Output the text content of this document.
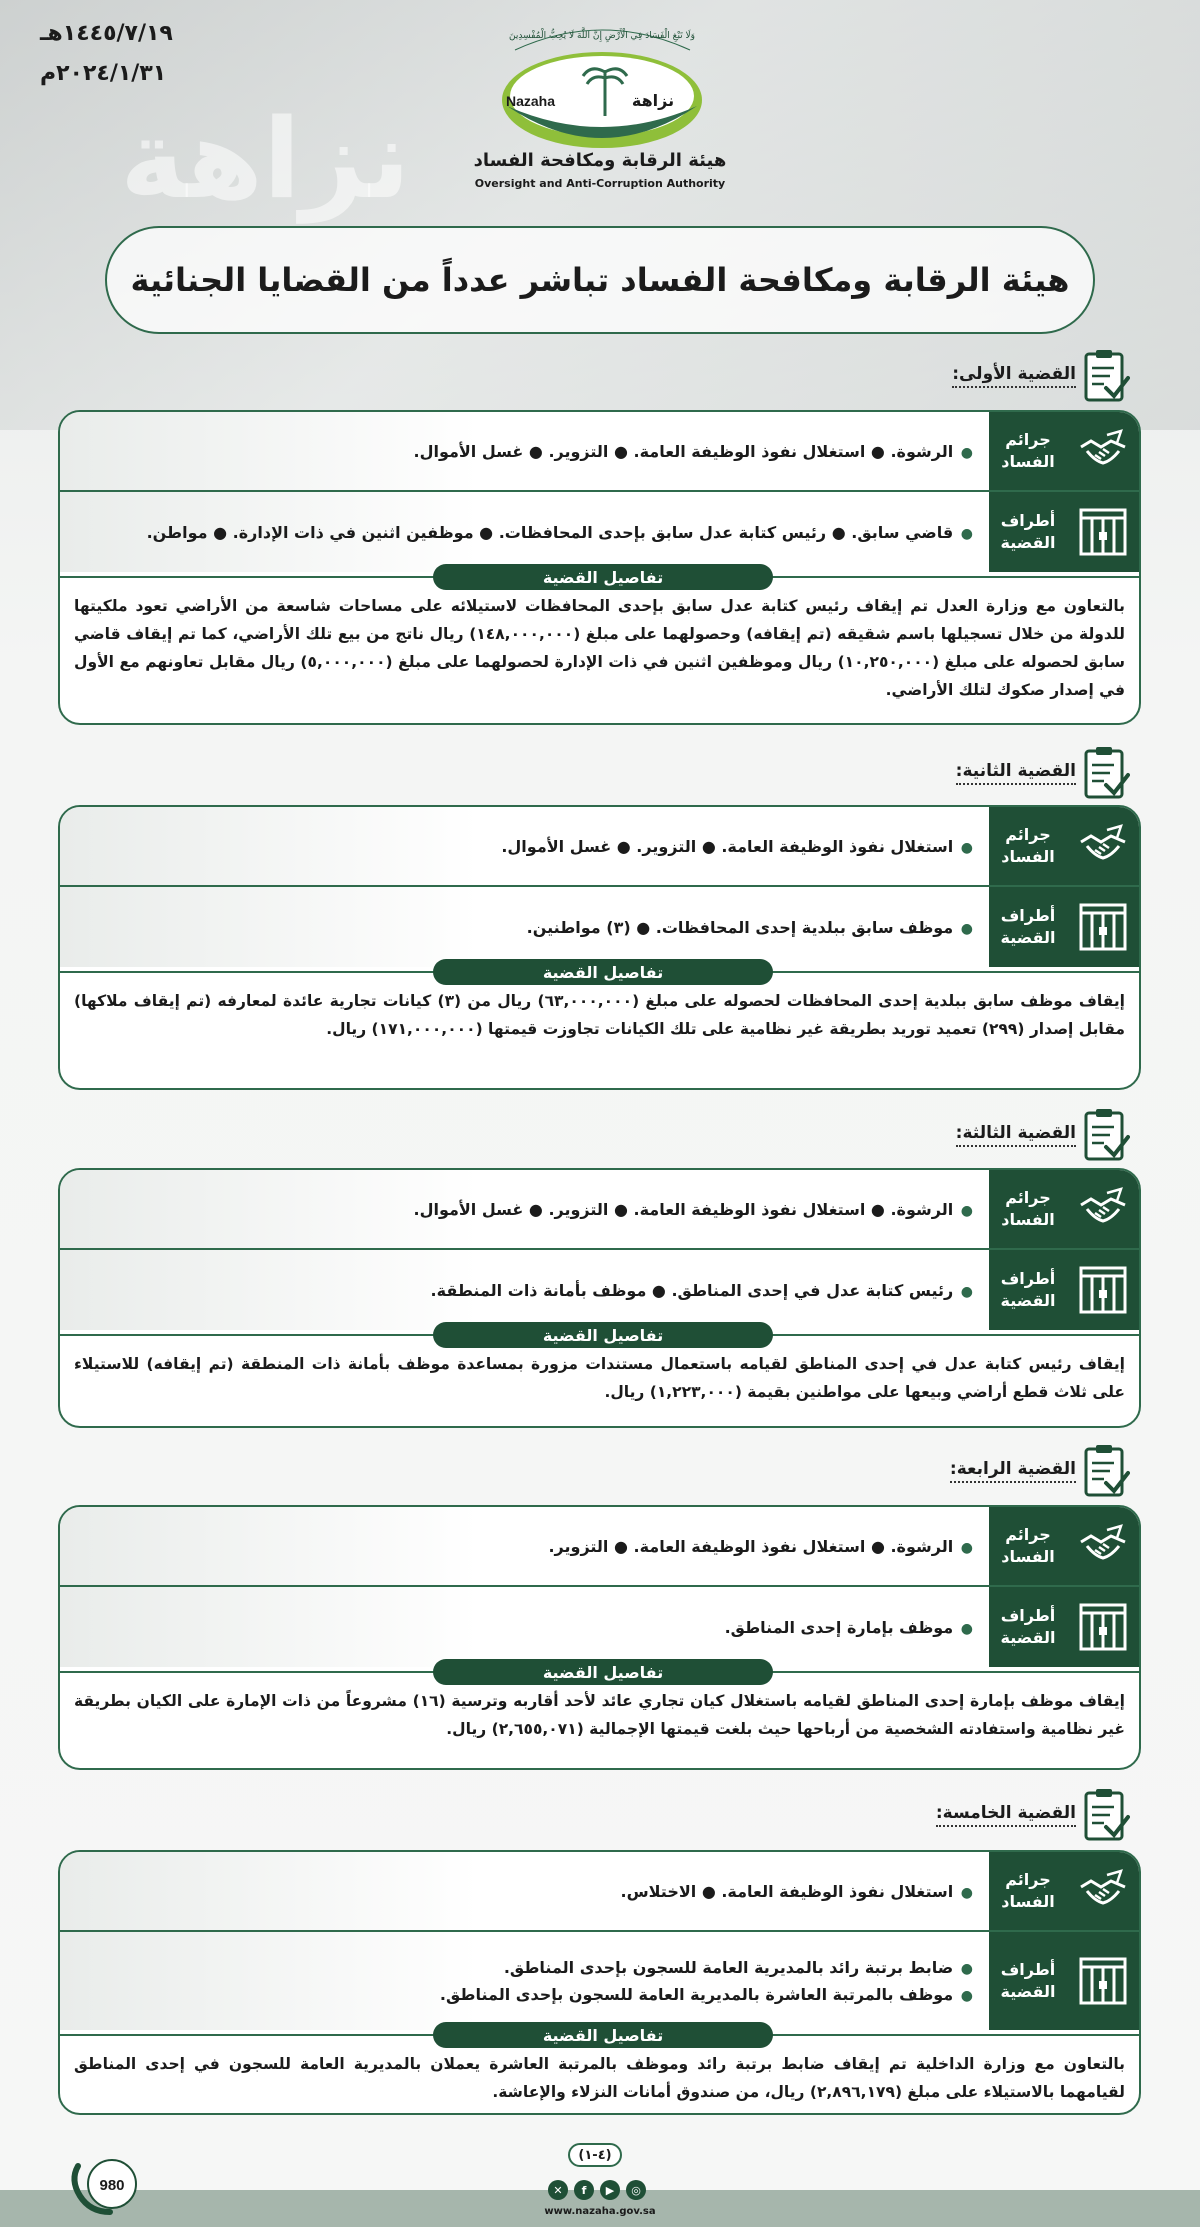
نزاهة
١٤٤٥/٧/١٩هـ
٢٠٢٤/١/٣١م
Nazaha	نزاهة
وَلَا تَبْغِ الْفَسَادَ فِي الْأَرْضِ إِنَّ اللَّهَ لَا يُحِبُّ الْمُفْسِدِينَ
هيئة الرقابة ومكافحة الفساد
Oversight and Anti-Corruption Authority
هيئة الرقابة ومكافحة الفساد تباشر عدداً من القضايا الجنائية
القضية الأولى:
جرائم
الفساد
● الرشوة. ● استغلال نفوذ الوظيفة العامة. ● التزوير. ● غسل الأموال.
أطراف
القضية
● قاضي سابق. ● رئيس كتابة عدل سابق بإحدى المحافظات. ● موظفين اثنين في ذات الإدارة. ● مواطن.
تفاصيل القضية
بالتعاون مع وزارة العدل تم إيقاف رئيس كتابة عدل سابق بإحدى المحافظات لاستيلائه على مساحات شاسعة من الأراضي تعود ملكيتها للدولة من خلال تسجيلها باسم شقيقه (تم إيقافه) وحصولهما على مبلغ (١٤٨,٠٠٠,٠٠٠) ريال ناتج من بيع تلك الأراضي، كما تم إيقاف قاضي سابق لحصوله على مبلغ (١٠,٢٥٠,٠٠٠) ريال وموظفين اثنين في ذات الإدارة لحصولهما على مبلغ (٥,٠٠٠,٠٠٠) ريال مقابل تعاونهم مع الأول في إصدار صكوك لتلك الأراضي.
القضية الثانية:
جرائم
الفساد
● استغلال نفوذ الوظيفة العامة. ● التزوير. ● غسل الأموال.
أطراف
القضية
● موظف سابق ببلدية إحدى المحافظات. ● (٣) مواطنين.
تفاصيل القضية
إيقاف موظف سابق ببلدية إحدى المحافظات لحصوله على مبلغ (٦٣,٠٠٠,٠٠٠) ريال من (٣) كيانات تجارية عائدة لمعارفه (تم إيقاف ملاكها) مقابل إصدار (٢٩٩) تعميد توريد بطريقة غير نظامية على تلك الكيانات تجاوزت قيمتها (١٧١,٠٠٠,٠٠٠) ريال.
القضية الثالثة:
جرائم
الفساد
● الرشوة. ● استغلال نفوذ الوظيفة العامة. ● التزوير. ● غسل الأموال.
أطراف
القضية
● رئيس كتابة عدل في إحدى المناطق. ● موظف بأمانة ذات المنطقة.
تفاصيل القضية
إيقاف رئيس كتابة عدل في إحدى المناطق لقيامه باستعمال مستندات مزورة بمساعدة موظف بأمانة ذات المنطقة (تم إيقافه) للاستيلاء على ثلاث قطع أراضي وبيعها على مواطنين بقيمة (١,٢٢٣,٠٠٠) ريال.
القضية الرابعة:
جرائم
الفساد
● الرشوة. ● استغلال نفوذ الوظيفة العامة. ● التزوير.
أطراف
القضية
● موظف بإمارة إحدى المناطق.
تفاصيل القضية
إيقاف موظف بإمارة إحدى المناطق لقيامه باستغلال كيان تجاري عائد لأحد أقاربه وترسية (١٦) مشروعاً من ذات الإمارة على الكيان بطريقة غير نظامية واستفادته الشخصية من أرباحها حيث بلغت قيمتها الإجمالية (٢,٦٥٥,٠٧١) ريال.
القضية الخامسة:
جرائم
الفساد
● استغلال نفوذ الوظيفة العامة. ● الاختلاس.
أطراف
القضية
● ضابط برتبة رائد بالمديرية العامة للسجون بإحدى المناطق.
● موظف بالمرتبة العاشرة بالمديرية العامة للسجون بإحدى المناطق.
تفاصيل القضية
بالتعاون مع وزارة الداخلية تم إيقاف ضابط برتبة رائد وموظف بالمرتبة العاشرة يعملان بالمديرية العامة للسجون في إحدى المناطق لقيامهما بالاستيلاء على مبلغ (٢,٨٩٦,١٧٩) ريال، من صندوق أمانات النزلاء والإعاشة.
(٤-١)
✕	f	▶	◎
www.nazaha.gov.sa
980
